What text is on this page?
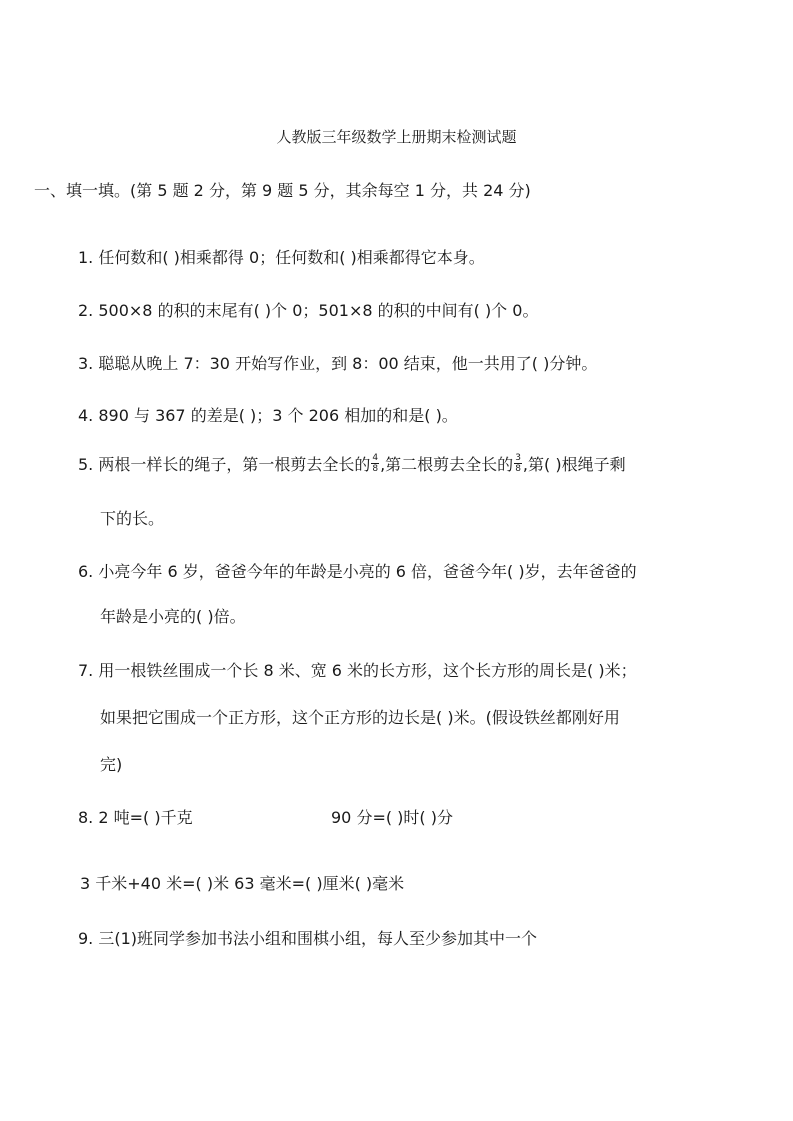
人教版三年级数学上册期末检测试题
一、填一填。(第 5 题 2 分，第 9 题 5 分，其余每空 1 分，共 24 分)
1. 任何数和( )相乘都得 0；任何数和( )相乘都得它本身。
2. 500×8 的积的末尾有( )个 0；501×8 的积的中间有( )个 0。
3. 聪聪从晚上 7：30 开始写作业，到 8：00 结束，他一共用了( )分钟。
4. 890 与 367 的差是( )；3 个 206 相加的和是( )。
5. 两根一样长的绳子，第一根剪去全长的 $\frac{4}{8}$ ,第二根剪去全长的 $\frac{3}{8}$ ,第( )根绳子剩
下的长。
6. 小亮今年 6 岁，爸爸今年的年龄是小亮的 6 倍，爸爸今年( )岁，去年爸爸的
年龄是小亮的( )倍。
7. 用一根铁丝围成一个长 8 米、宽 6 米的长方形，这个长方形的周长是( )米；
如果把它围成一个正方形，这个正方形的边长是( )米。(假设铁丝都刚好用
完)
8. 2 吨=( )千克	90 分=( )时( )分
3 千米+40 米=( )米 63 毫米=( )厘米( )毫米
9. 三(1)班同学参加书法小组和围棋小组，每人至少参加其中一个
